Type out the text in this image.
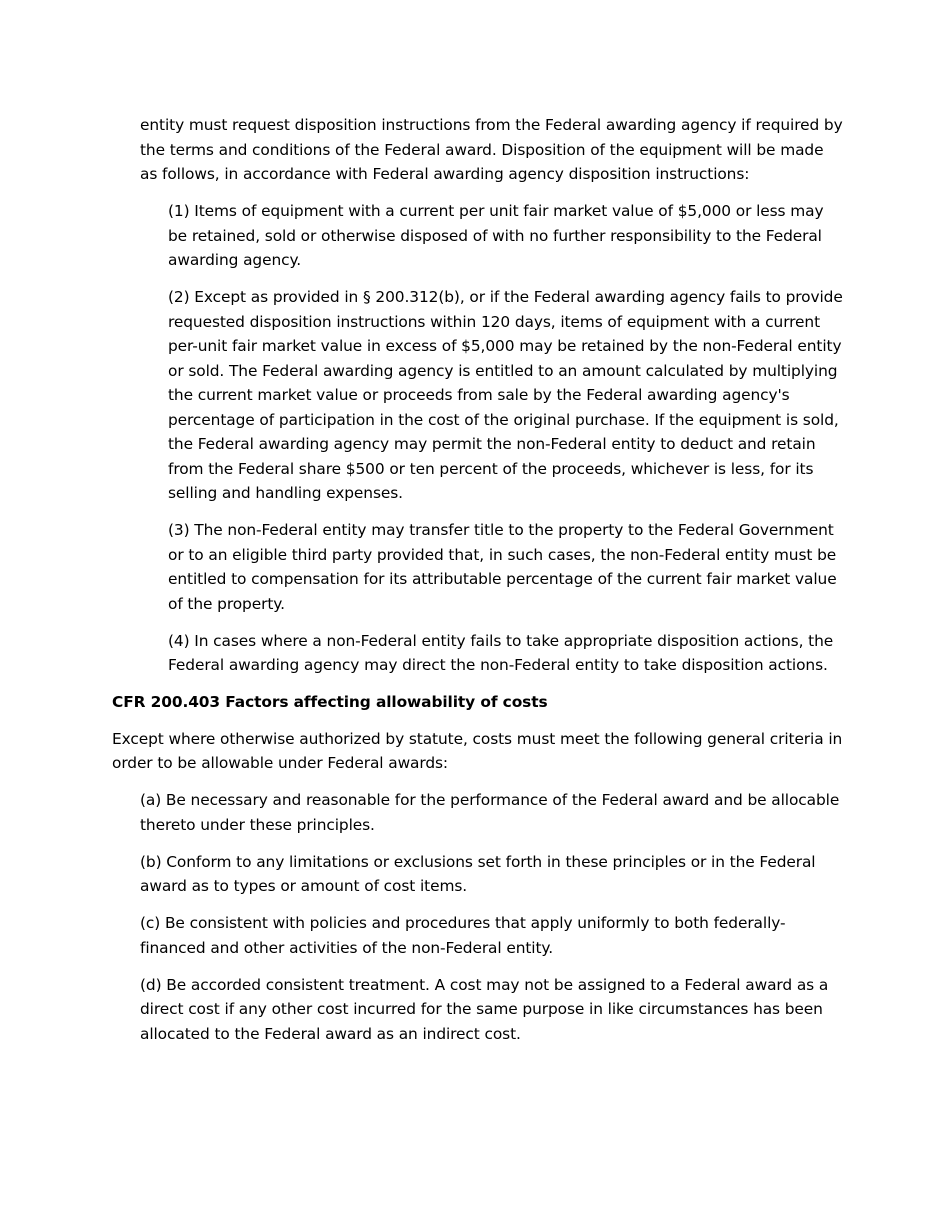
entity must request disposition instructions from the Federal awarding agency if required by the terms and conditions of the Federal award. Disposition of the equipment will be made as follows, in accordance with Federal awarding agency disposition instructions:

(1) Items of equipment with a current per unit fair market value of $5,000 or less may be retained, sold or otherwise disposed of with no further responsibility to the Federal awarding agency.

(2) Except as provided in § 200.312(b), or if the Federal awarding agency fails to provide requested disposition instructions within 120 days, items of equipment with a current per-unit fair market value in excess of $5,000 may be retained by the non-Federal entity or sold. The Federal awarding agency is entitled to an amount calculated by multiplying the current market value or proceeds from sale by the Federal awarding agency's percentage of participation in the cost of the original purchase. If the equipment is sold, the Federal awarding agency may permit the non-Federal entity to deduct and retain from the Federal share $500 or ten percent of the proceeds, whichever is less, for its selling and handling expenses.

(3) The non-Federal entity may transfer title to the property to the Federal Government or to an eligible third party provided that, in such cases, the non-Federal entity must be entitled to compensation for its attributable percentage of the current fair market value of the property.

(4) In cases where a non-Federal entity fails to take appropriate disposition actions, the Federal awarding agency may direct the non-Federal entity to take disposition actions.

CFR 200.403 Factors affecting allowability of costs

Except where otherwise authorized by statute, costs must meet the following general criteria in order to be allowable under Federal awards:

(a) Be necessary and reasonable for the performance of the Federal award and be allocable thereto under these principles.

(b) Conform to any limitations or exclusions set forth in these principles or in the Federal award as to types or amount of cost items.

(c) Be consistent with policies and procedures that apply uniformly to both federally-financed and other activities of the non-Federal entity.

(d) Be accorded consistent treatment. A cost may not be assigned to a Federal award as a direct cost if any other cost incurred for the same purpose in like circumstances has been allocated to the Federal award as an indirect cost.
